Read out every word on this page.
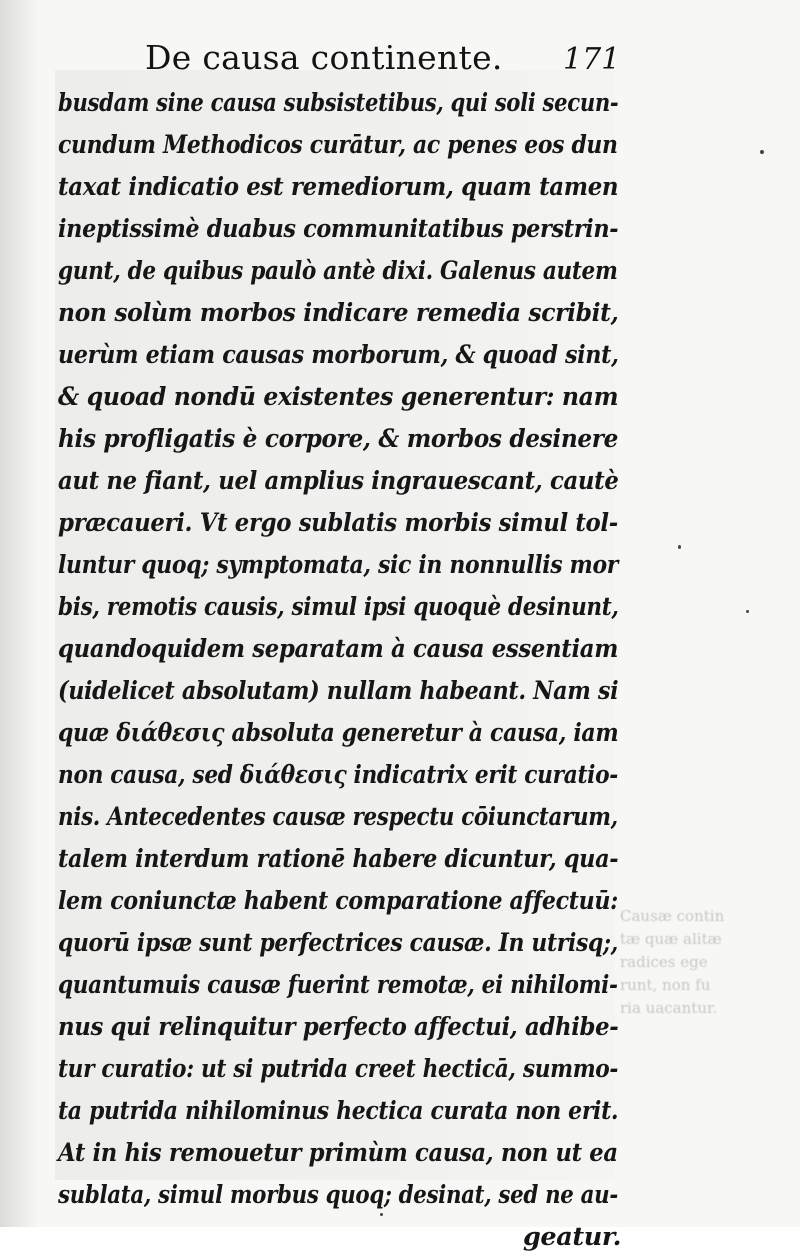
De causa continente. 171
busdam sine causa subsistetibus, qui soli secun-
cundum Methodicos curātur, ac penes eos dun
taxat indicatio est remediorum, quam tamen
ineptissimè duabus communitatibus perstrin-
gunt, de quibus paulò antè dixi. Galenus autem
non solùm morbos indicare remedia scribit,
uerùm etiam causas morborum, & quoad sint,
& quoad nondū existentes generentur: nam
his profligatis è corpore, & morbos desinere
aut ne fiant, uel amplius ingrauescant, cautè
præcaueri. Vt ergo sublatis morbis simul tol-
luntur quoq; symptomata, sic in nonnullis mor
bis, remotis causis, simul ipsi quoquè desinunt,
quandoquidem separatam à causa essentiam
(uidelicet absolutam) nullam habeant. Nam si
quæ διάθεσις absoluta generetur à causa, iam
non causa, sed διάθεσις indicatrix erit curatio-
nis. Antecedentes causæ respectu cōiunctarum,
talem interdum rationē habere dicuntur, qua-
lem coniunctæ habent comparatione affectuū:
quorū ipsæ sunt perfectrices causæ. In utrisq;,
quantumuis causæ fuerint remotæ, ei nihilomi-
nus qui relinquitur perfecto affectui, adhibe-
tur curatio: ut si putrida creet hecticā, summo-
ta putrida nihilominus hectica curata non erit.
At in his remouetur primùm causa, non ut ea
sublata, simul morbus quoq; desinat, sed ne au-
geatur.
Causæ contin
tæ quæ alitæ
radices ege
runt, non fu
ria uacantur.
